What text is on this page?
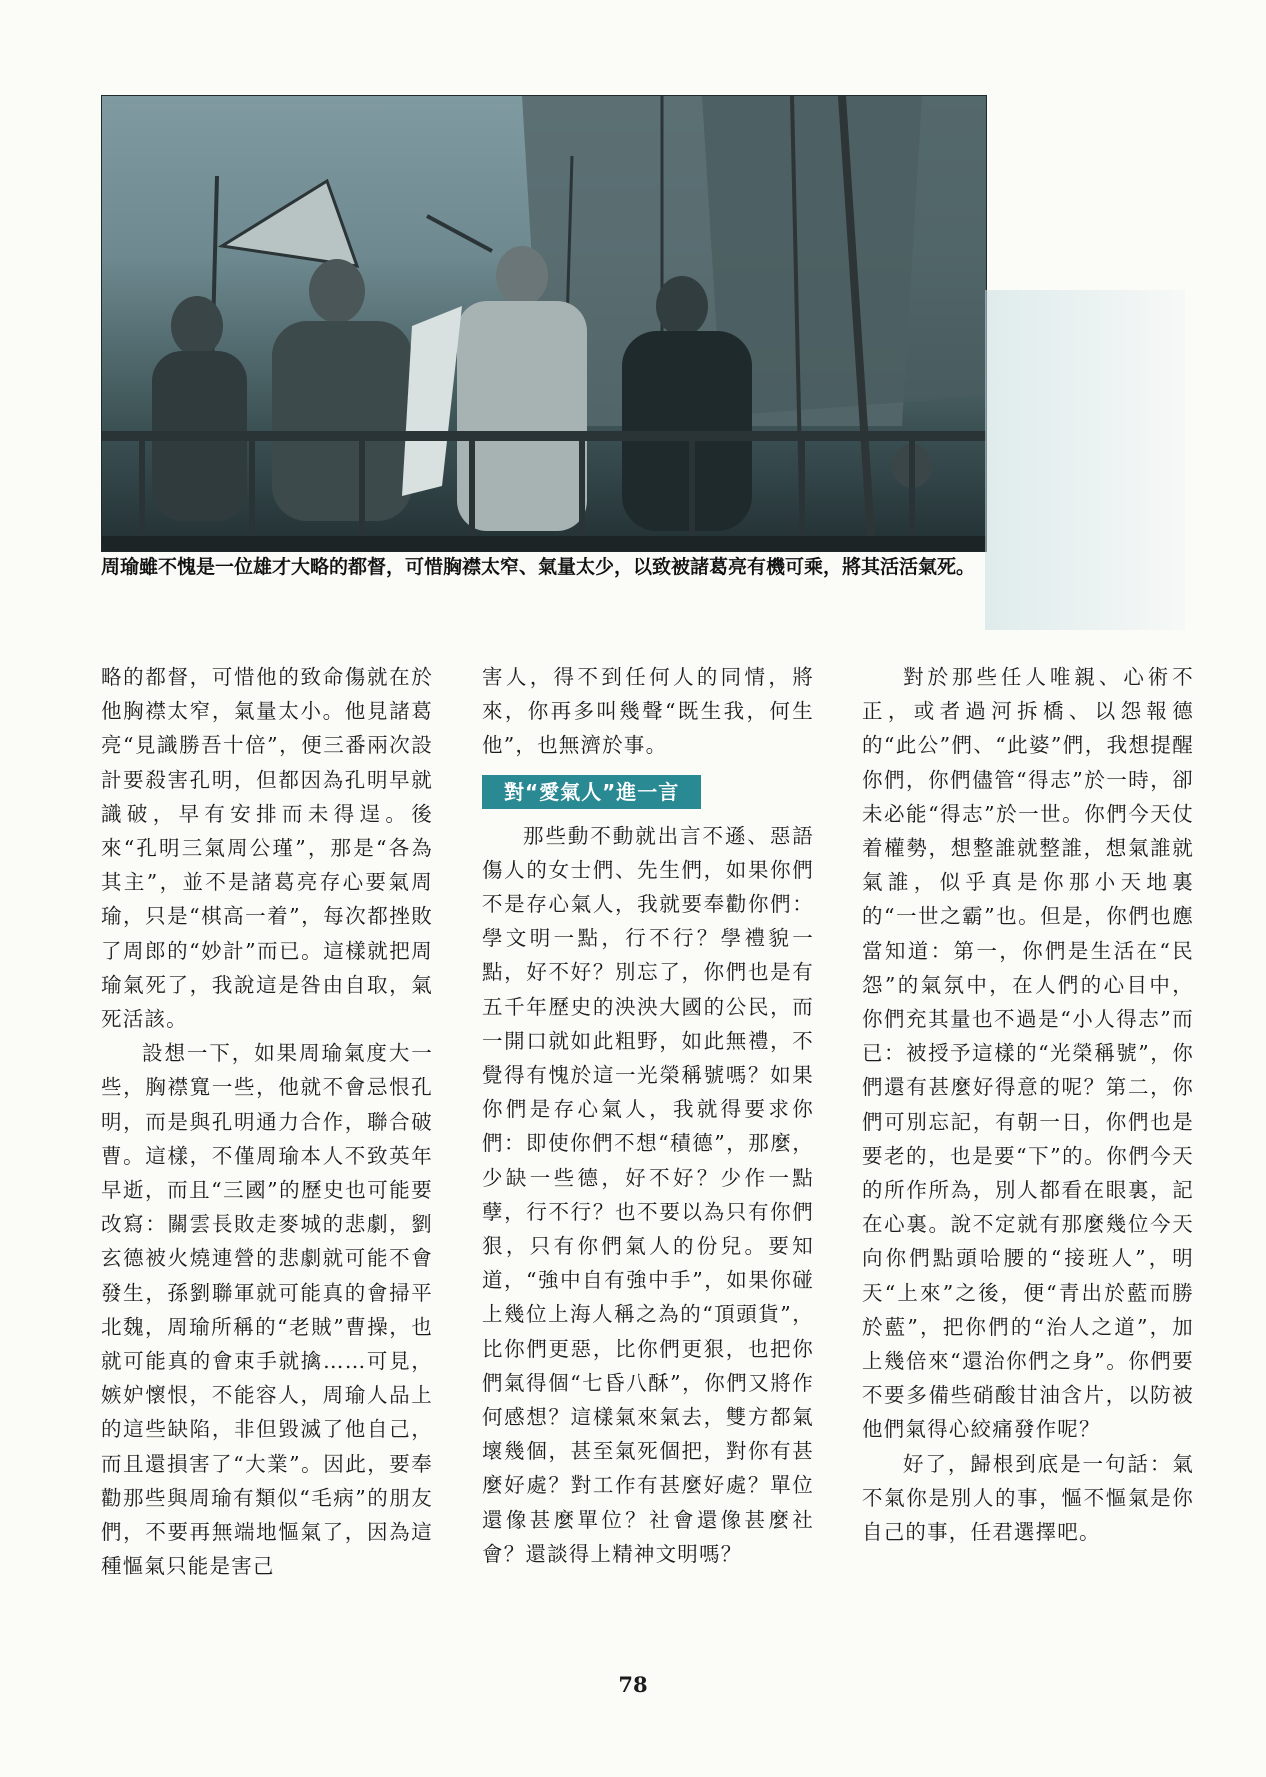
周瑜雖不愧是一位雄才大略的都督，可惜胸襟太窄、氣量太少，以致被諸葛亮有機可乘，將其活活氣死。

略的都督，可惜他的致命傷就在於他胸襟太窄，氣量太小。他見諸葛亮“見識勝吾十倍”，便三番兩次設計要殺害孔明，但都因為孔明早就識破，早有安排而未得逞。後來“孔明三氣周公瑾”，那是“各為其主”，並不是諸葛亮存心要氣周瑜，只是“棋高一着”，每次都挫敗了周郎的“妙計”而已。這樣就把周瑜氣死了，我說這是咎由自取，氣死活該。

設想一下，如果周瑜氣度大一些，胸襟寬一些，他就不會忌恨孔明，而是與孔明通力合作，聯合破曹。這樣，不僅周瑜本人不致英年早逝，而且“三國”的歷史也可能要改寫：關雲長敗走麥城的悲劇，劉玄德被火燒連營的悲劇就可能不會發生，孫劉聯軍就可能真的會掃平北魏，周瑜所稱的“老賊”曹操，也就可能真的會束手就擒……可見，嫉妒懷恨，不能容人，周瑜人品上的這些缺陷，非但毀滅了他自己，而且還損害了“大業”。因此，要奉勸那些與周瑜有類似“毛病”的朋友們，不要再無端地慪氣了，因為這種慪氣只能是害己

害人，得不到任何人的同情，將來，你再多叫幾聲“既生我，何生他”，也無濟於事。

對“愛氣人”進一言

那些動不動就出言不遜、惡語傷人的女士們、先生們，如果你們不是存心氣人，我就要奉勸你們：學文明一點，行不行？學禮貌一點，好不好？別忘了，你們也是有五千年歷史的泱泱大國的公民，而一開口就如此粗野，如此無禮，不覺得有愧於這一光榮稱號嗎？如果你們是存心氣人，我就得要求你們：即使你們不想“積德”，那麼，少缺一些德，好不好？少作一點孽，行不行？也不要以為只有你們狠，只有你們氣人的份兒。要知道，“強中自有強中手”，如果你碰上幾位上海人稱之為的“頂頭貨”，比你們更惡，比你們更狠，也把你們氣得個“七昏八酥”，你們又將作何感想？這樣氣來氣去，雙方都氣壞幾個，甚至氣死個把，對你有甚麼好處？對工作有甚麼好處？單位還像甚麼單位？社會還像甚麼社會？還談得上精神文明嗎？

對於那些任人唯親、心術不正，或者過河拆橋、以怨報德的“此公”們、“此婆”們，我想提醒你們，你們儘管“得志”於一時，卻未必能“得志”於一世。你們今天仗着權勢，想整誰就整誰，想氣誰就氣誰，似乎真是你那小天地裏的“一世之霸”也。但是，你們也應當知道：第一，你們是生活在“民怨”的氣氛中，在人們的心目中，你們充其量也不過是“小人得志”而已：被授予這樣的“光榮稱號”，你們還有甚麼好得意的呢？第二，你們可別忘記，有朝一日，你們也是要老的，也是要“下”的。你們今天的所作所為，別人都看在眼裏，記在心裏。說不定就有那麼幾位今天向你們點頭哈腰的“接班人”，明天“上來”之後，便“青出於藍而勝於藍”，把你們的“治人之道”，加上幾倍來“還治你們之身”。你們要不要多備些硝酸甘油含片，以防被他們氣得心絞痛發作呢？

好了，歸根到底是一句話：氣不氣你是別人的事，慪不慪氣是你自己的事，任君選擇吧。

78
